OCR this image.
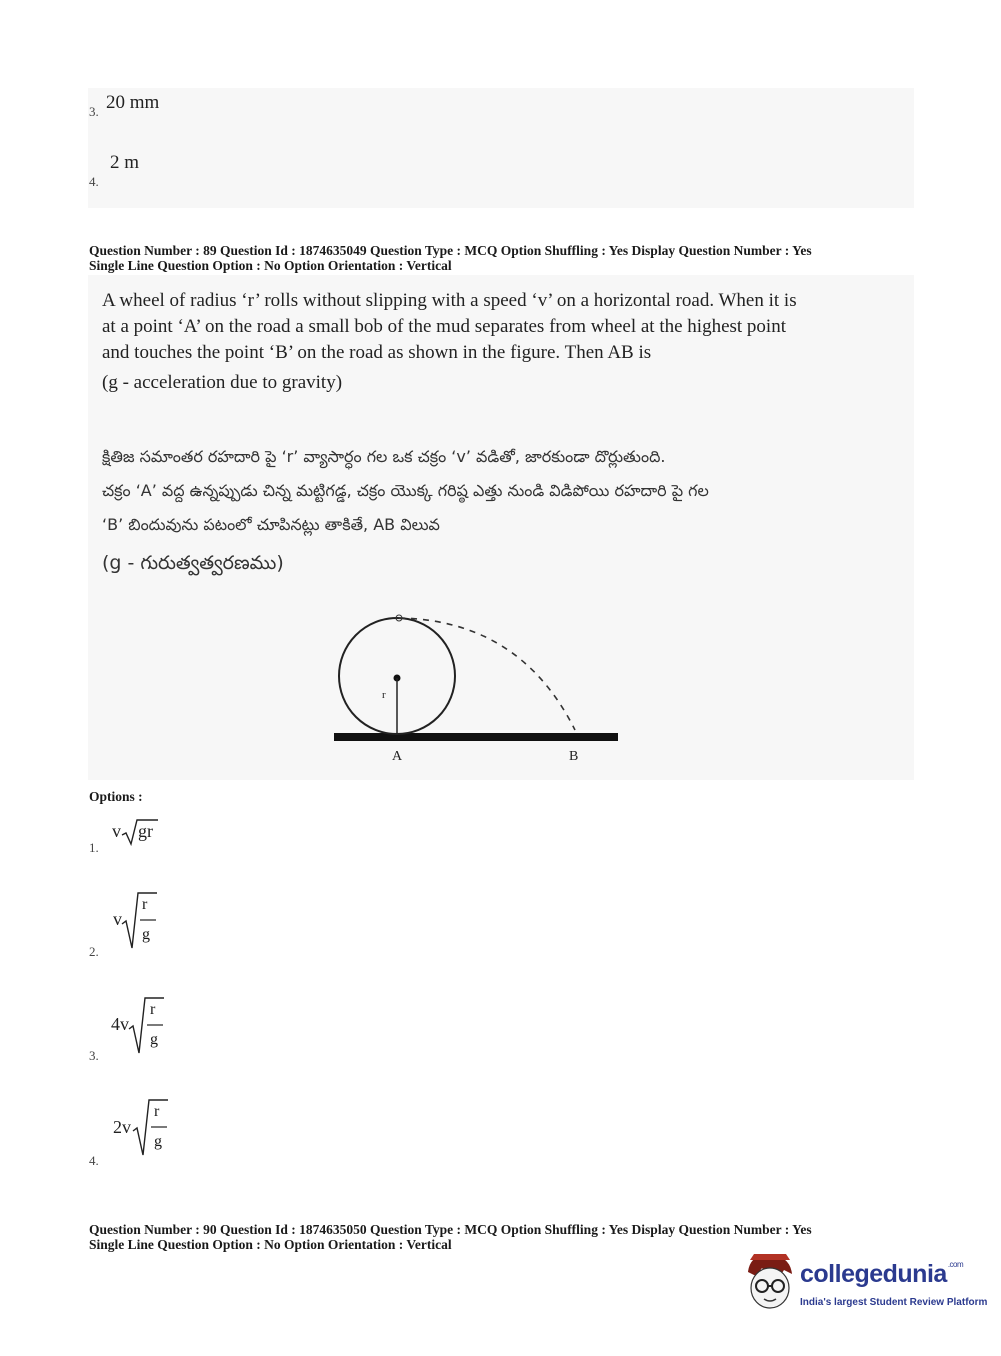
3. 20 mm
4.
2 m
Question Number : 89 Question Id : 1874635049 Question Type : MCQ Option Shuffling : Yes Display Question Number : Yes
Single Line Question Option : No Option Orientation : Vertical
A wheel of radius ‘r’ rolls without slipping with a speed ‘v’ on a horizontal road. When it is
at a point ‘A’ on the road a small bob of the mud separates from wheel at the highest point
and touches the point ‘B’ on the road as shown in the figure. Then AB is
(g - acceleration due to gravity)
క్షితిజ సమాంతర రహదారి పై ‘r’ వ్యాసార్ధం గల ఒక చక్రం ‘v’ వడితో, జారకుండా దొర్లుతుంది.
చక్రం ‘A’ వద్ద ఉన్నప్పుడు చిన్న మట్టిగడ్డ, చక్రం యొక్క గరిష్ఠ ఎత్తు నుండి విడిపోయి రహదారి పై గల
‘B’ బిందువును పటంలో చూపినట్లు తాకితే, AB విలువ
(g - గురుత్వత్వరణము)
r
A	B
Options :
1.
v gr
2.
v
r
g
3.
4v
r
g
4.
2v
r
g
Question Number : 90 Question Id : 1874635050 Question Type : MCQ Option Shuffling : Yes Display Question Number : Yes
Single Line Question Option : No Option Orientation : Vertical
collegedunia$^{.com}$
India's largest Student Review Platform
